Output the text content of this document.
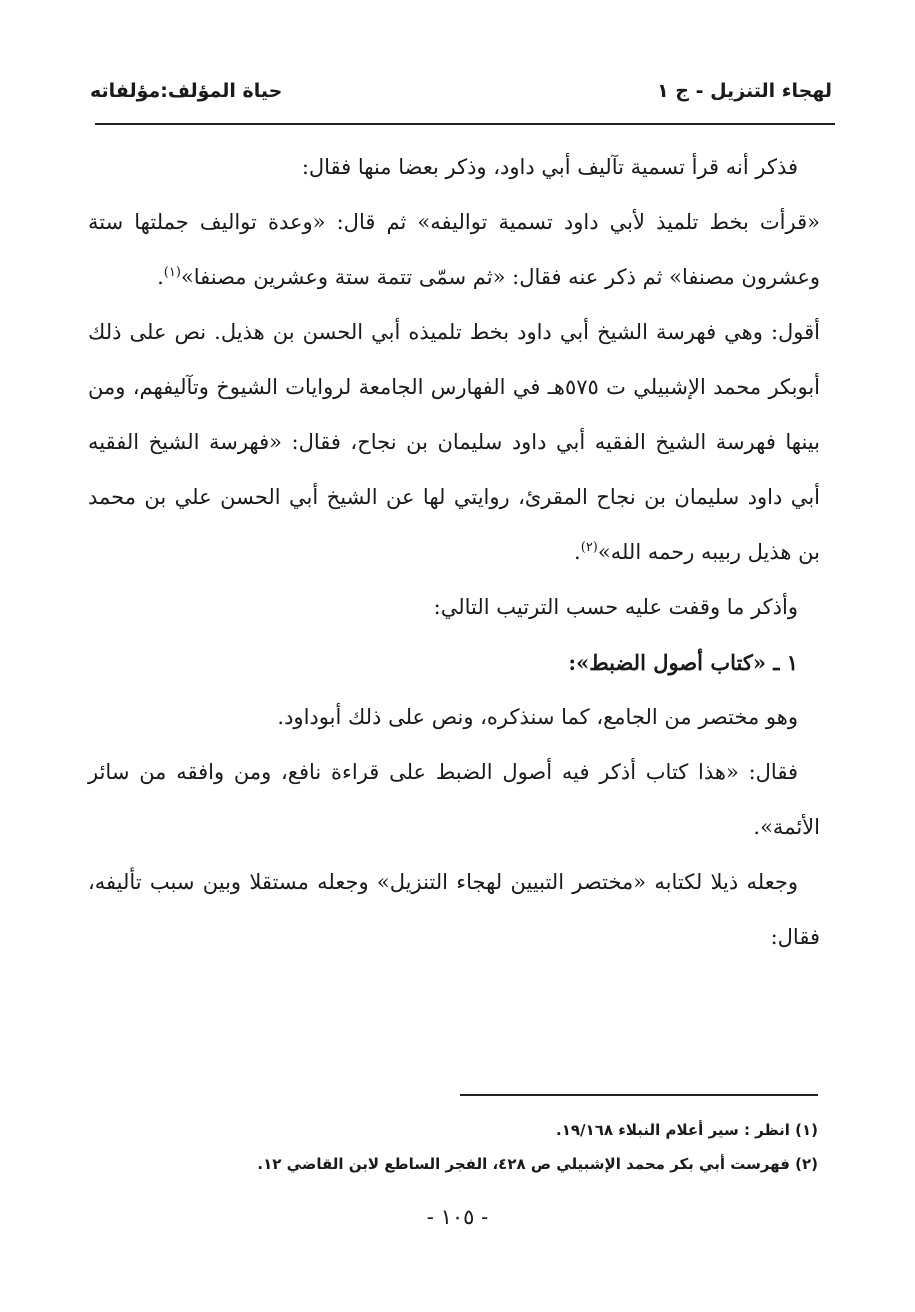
لهجاء التنزيل - ج ١
حياة المؤلف:مؤلفاته

فذكر أنه قرأ تسمية تآليف أبي داود، وذكر بعضا منها فقال:

«قرأت بخط تلميذ لأبي داود تسمية تواليفه» ثم قال: «وعدة تواليف جملتها ستة وعشرون مصنفا» ثم ذكر عنه فقال: «ثم سمّى تتمة ستة وعشرين مصنفا»$^{(١)}$.

أقول: وهي فهرسة الشيخ أبي داود بخط تلميذه أبي الحسن بن هذيل. نص على ذلك أبوبكر محمد الإشبيلي ت ٥٧٥هـ في الفهارس الجامعة لروايات الشيوخ وتآليفهم، ومن بينها فهرسة الشيخ الفقيه أبي داود سليمان بن نجاح، فقال: «فهرسة الشيخ الفقيه أبي داود سليمان بن نجاح المقرئ، روايتي لها عن الشيخ أبي الحسن علي بن محمد بن هذيل ربيبه رحمه الله»$^{(٢)}$.

وأذكر ما وقفت عليه حسب الترتيب التالي:

١ ـ «كتاب أصول الضبط»:

وهو مختصر من الجامع، كما سنذكره، ونص على ذلك أبوداود.

فقال: «هذا كتاب أذكر فيه أصول الضبط على قراءة نافع، ومن وافقه من سائر الأئمة».

وجعله ذيلا لكتابه «مختصر التبيين لهجاء التنزيل» وجعله مستقلا وبين سبب تأليفه، فقال:

(١) انظر : سير أعلام النبلاء ١٩/١٦٨.

(٢) فهرست أبي بكر محمد الإشبيلي ص ٤٢٨، الفجر الساطع لابن القاضي ١٢.

- ١٠٥ -
